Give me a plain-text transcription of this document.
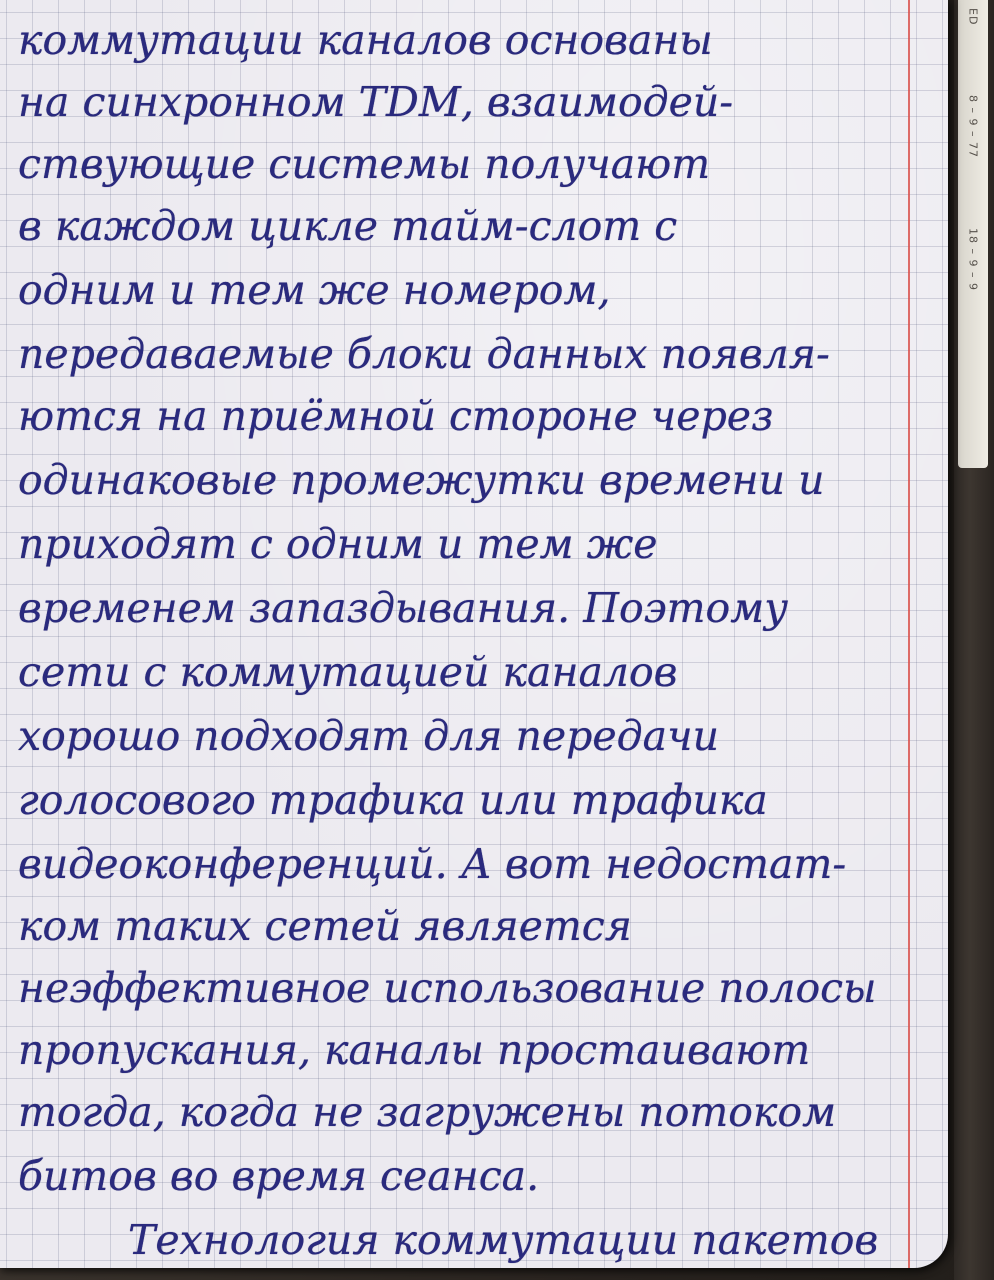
ED
8 – 9 – 77
18 – 9 – 9
коммутации каналов основаны
на синхронном TDM, взаимодей-
ствующие системы получают
в каждом цикле тайм-слот с
одним и тем же номером,
передаваемые блоки данных появля-
ются на приёмной стороне через
одинаковые промежутки времени и
приходят с одним и тем же
временем запаздывания. Поэтому
сети с коммутацией каналов
хорошо подходят для передачи
голосового трафика или трафика
видеоконференций. А вот недостат-
ком таких сетей является
неэффективное использование полосы
пропускания, каналы простаивают
тогда, когда не загружены потоком
битов во время сеанса.
Технология коммутации пакетов
